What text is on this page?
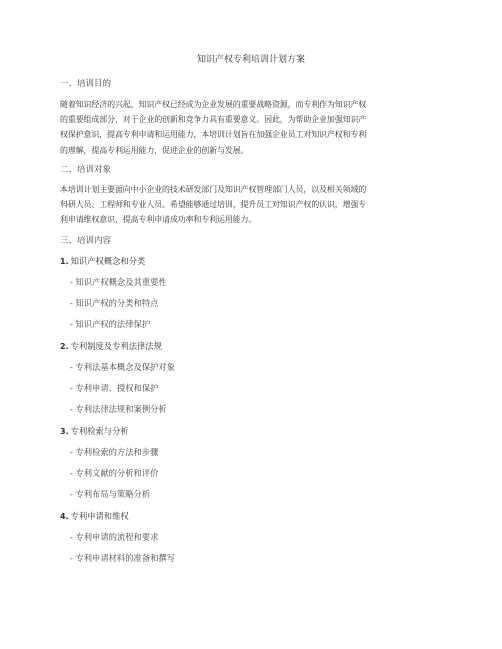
知识产权专利培训计划方案
一、培训目的
随着知识经济的兴起，知识产权已经成为企业发展的重要战略资源，而专利作为知识产权
的重要组成部分，对于企业的创新和竞争力具有重要意义。因此，为帮助企业加强知识产
权保护意识，提高专利申请和运用能力，本培训计划旨在加强企业员工对知识产权和专利
的理解，提高专利运用能力，促进企业的创新与发展。
二、培训对象
本培训计划主要面向中小企业的技术研发部门及知识产权管理部门人员，以及相关领域的
科研人员、工程师和专业人员。希望能够通过培训，提升员工对知识产权的认识，增强专
利申请维权意识，提高专利申请成功率和专利运用能力。
三、培训内容
1. 知识产权概念和分类
- 知识产权概念及其重要性
- 知识产权的分类和特点
- 知识产权的法律保护
2. 专利制度及专利法律法规
- 专利法基本概念及保护对象
- 专利申请、授权和保护
- 专利法律法规和案例分析
3. 专利检索与分析
- 专利检索的方法和步骤
- 专利文献的分析和评价
- 专利布局与策略分析
4. 专利申请和维权
- 专利申请的流程和要求
- 专利申请材料的准备和撰写
